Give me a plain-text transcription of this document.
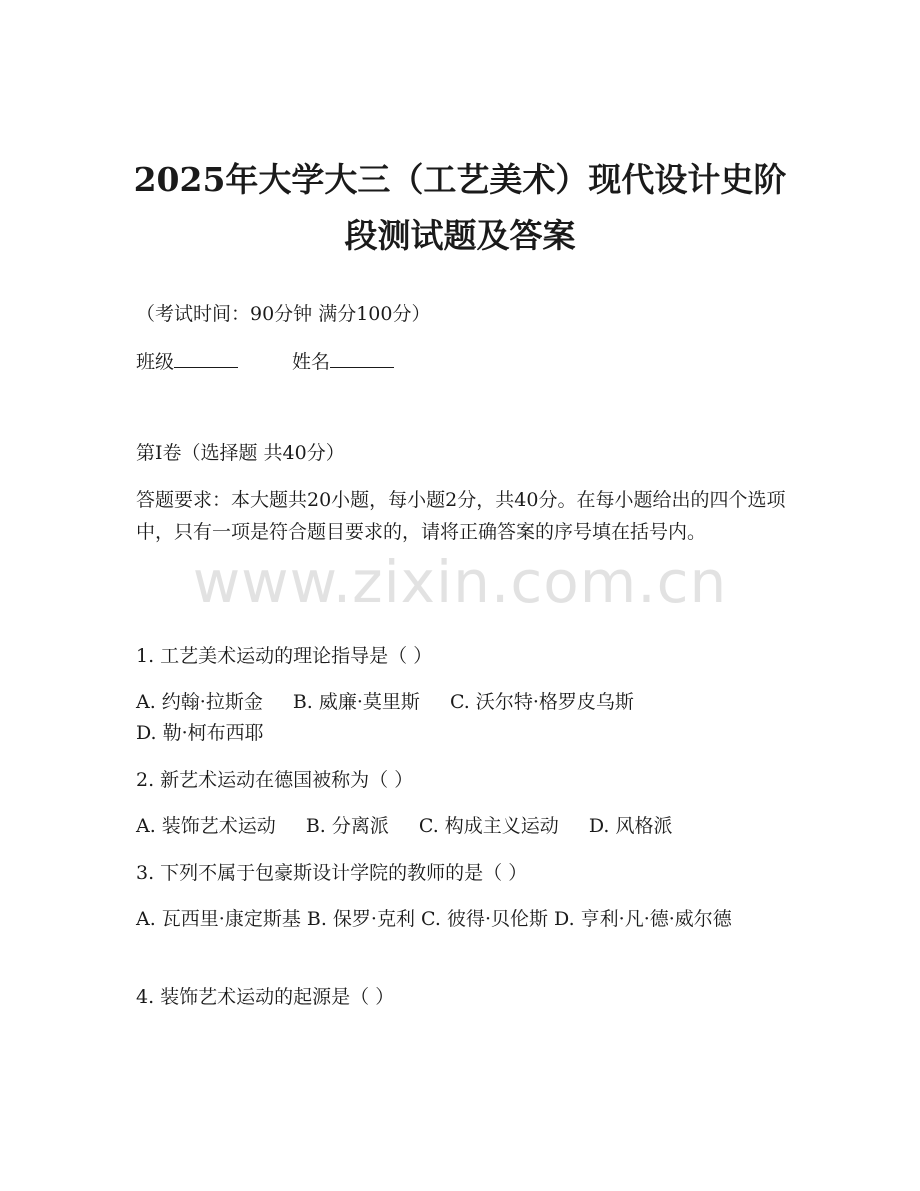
2025年大学大三（工艺美术）现代设计史阶
段测试题及答案
（考试时间：90分钟 满分100分）
班级	姓名
第I卷（选择题 共40分）
答题要求：本大题共20小题，每小题2分，共40分。在每小题给出的四个选项中，只有一项是符合题目要求的，请将正确答案的序号填在括号内。
www.zixin.com.cn
1. 工艺美术运动的理论指导是（ ）
A. 约翰·拉斯金 B. 威廉·莫里斯 C. 沃尔特·格罗皮乌斯
D. 勒·柯布西耶
2. 新艺术运动在德国被称为（ ）
A. 装饰艺术运动 B. 分离派 C. 构成主义运动 D. 风格派
3. 下列不属于包豪斯设计学院的教师的是（ ）
A. 瓦西里·康定斯基 B. 保罗·克利 C. 彼得·贝伦斯 D. 亨利·凡·德·威尔德
4. 装饰艺术运动的起源是（ ）
